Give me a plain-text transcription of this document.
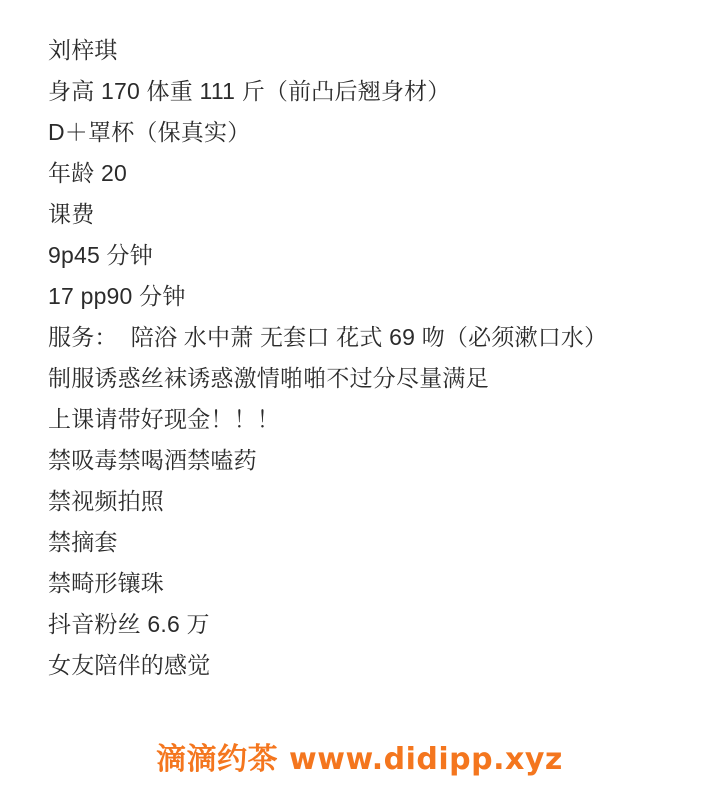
刘梓琪
身高 170 体重 111 斤（前凸后翘身材）
D＋罩杯（保真实）
年龄 20
课费
9p45 分钟
17 pp90 分钟
服务：  陪浴 水中萧 无套口 花式 69 吻（必须漱口水）
制服诱惑丝袜诱惑激情啪啪不过分尽量满足
上课请带好现金！！！
禁吸毒禁喝酒禁嗑药
禁视频拍照
禁摘套
禁畸形镶珠
抖音粉丝 6.6 万
女友陪伴的感觉
滴滴约茶 www.didipp.xyz
